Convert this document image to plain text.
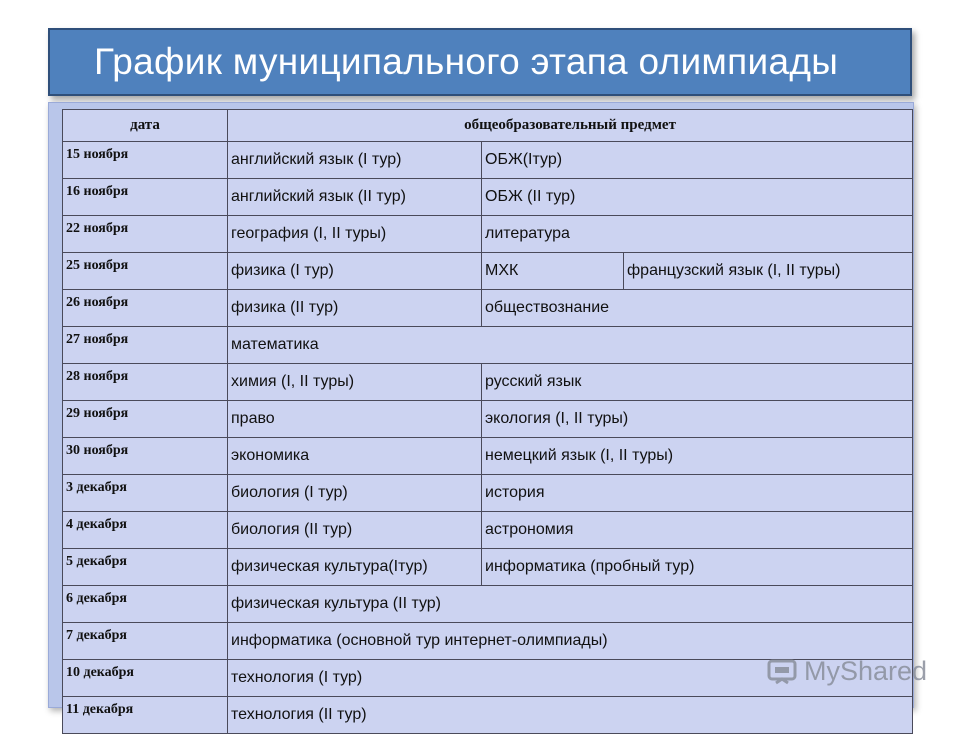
График муниципального этапа олимпиады
дата	общеобразовательный предмет		
15 ноября	английский язык (I тур)	ОБЖ(Iтур)	
16 ноября	английский язык (II тур)	ОБЖ (II тур)	
22 ноября	география (I, II туры)	литература	
25 ноября	физика (I тур)	МХК	французский язык (I, II туры)
26 ноября	физика (II тур)	обществознание	
27 ноября	математика		
28 ноября	химия (I, II туры)	русский язык	
29 ноября	право	экология (I, II туры)	
30 ноября	экономика	немецкий язык (I, II туры)	
3 декабря	биология (I тур)	история	
4 декабря	биология (II тур)	астрономия	
5 декабря	физическая культура(Iтур)	информатика (пробный тур)	
6 декабря	физическая культура (II тур)		
7 декабря	информатика (основной тур интернет-олимпиады)		
10 декабря	технология (I тур)		
11 декабря	технология (II тур)		
MyShared
